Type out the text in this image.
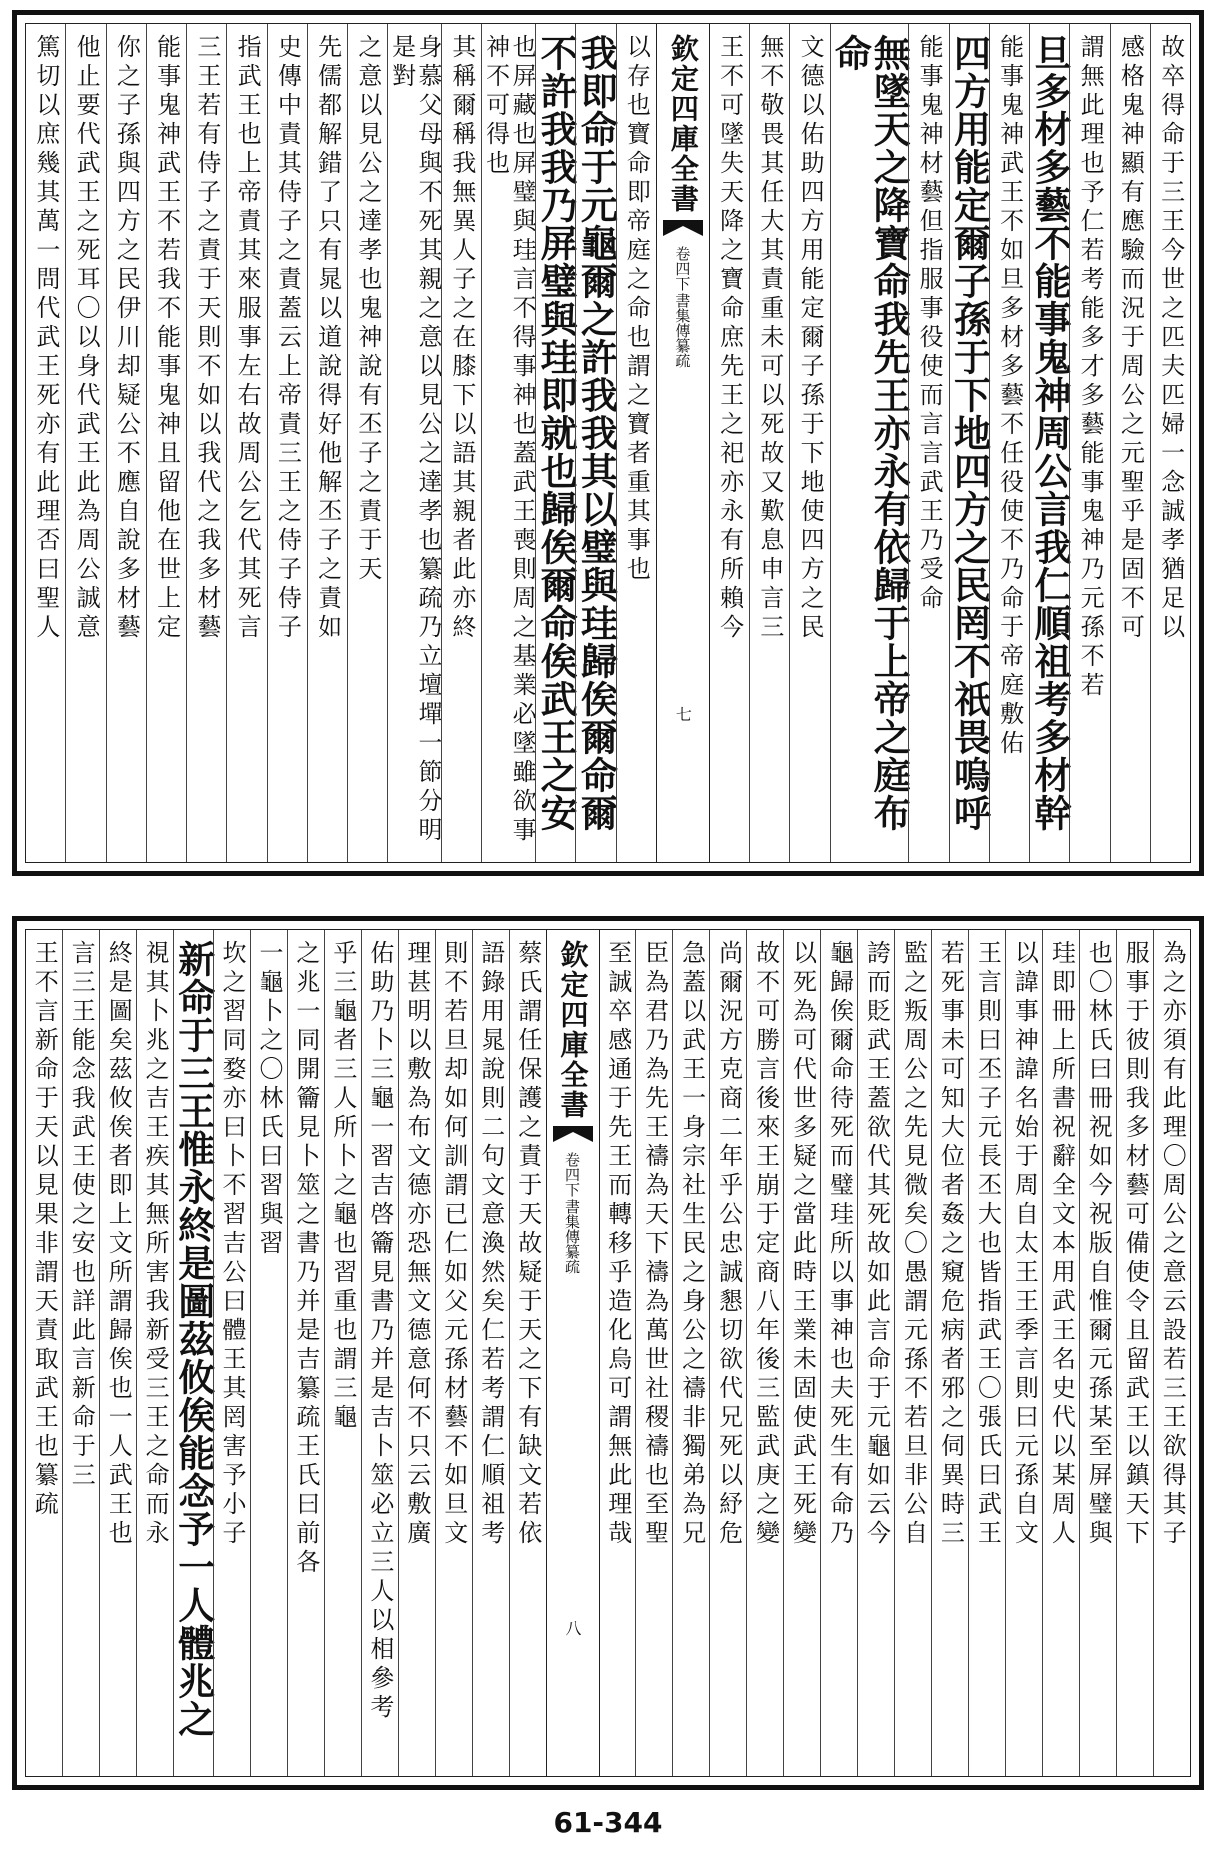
故卒得命于三王今世之匹夫匹婦一念誠孝猶足以
感格鬼神顯有應驗而況于周公之元聖乎是固不可
謂無此理也予仁若考能多才多藝能事鬼神乃元孫不若
旦多材多藝不能事鬼神周公言我仁順祖考多材幹
能事鬼神武王不如旦多材多藝不任役使不乃命于帝庭敷佑
四方用能定爾子孫于下地四方之民罔不祇畏嗚呼
能事鬼神材藝但指服事役使而言言武王乃受命
無墜天之降寶命我先王亦永有依歸于上帝之庭布命
文德以佑助四方用能定爾子孫于下地使四方之民
無不敬畏其任大其責重未可以死故又歎息申言三
王不可墜失天降之寶命庶先王之祀亦永有所賴今
欽定四庫全書
書集傳纂疏
卷四下
七
以存也寶命即帝庭之命也謂之寶者重其事也
我即命于元龜爾之許我我其以璧與珪歸俟爾命爾
不許我我乃屏璧與珪即就也歸俟爾命俟武王之安
也屏藏也屏璧與珪言不得事神也蓋武王喪則周之基業必墜雖欲事神不可得也
其稱爾稱我無異人子之在膝下以語其親者此亦終
身慕父母與不死其親之意以見公之達孝也纂疏乃立壇墠一節分明是對
之意以見公之達孝也鬼神說有丕子之責于天
先儒都解錯了只有晁以道說得好他解丕子之責如
史傳中責其侍子之責蓋云上帝責三王之侍子侍子
指武王也上帝責其來服事左右故周公乞代其死言
三王若有侍子之責于天則不如以我代之我多材藝
能事鬼神武王不若我不能事鬼神且留他在世上定
你之子孫與四方之民伊川却疑公不應自說多材藝
他止要代武王之死耳〇以身代武王此為周公誠意
篤切以庶幾其萬一問代武王死亦有此理否曰聖人
為之亦須有此理〇周公之意云設若三王欲得其子
服事于彼則我多材藝可備使令且留武王以鎮天下
也〇林氏曰冊祝如今祝版自惟爾元孫某至屏璧與
珪即冊上所書祝辭全文本用武王名史代以某周人
以諱事神諱名始于周自太王王季言則曰元孫自文
王言則曰丕子元長丕大也皆指武王〇張氏曰武王
若死事未可知大位者姦之窺危病者邪之伺異時三
監之叛周公之先見微矣〇愚謂元孫不若旦非公自
誇而貶武王蓋欲代其死故如此言命于元龜如云今
龜歸俟爾命待死而璧珪所以事神也夫死生有命乃
以死為可代世多疑之當此時王業未固使武王死變
故不可勝言後來王崩于定商八年後三監武庚之變
尚爾況方克商二年乎公忠誠懇切欲代兄死以紓危
急蓋以武王一身宗社生民之身公之禱非獨弟為兄
臣為君乃為先王禱為天下禱為萬世社稷禱也至聖
至誠卒感通于先王而轉移乎造化烏可謂無此理哉
欽定四庫全書
書集傳纂疏
卷四下
八
蔡氏謂任保護之責于天故疑于天之下有缺文若依
語錄用晁說則二句文意渙然矣仁若考謂仁順祖考
則不若旦却如何訓謂已仁如父元孫材藝不如旦文
理甚明以敷為布文德亦恐無文德意何不只云敷廣
佑助乃卜三龜一習吉啓籥見書乃并是吉卜筮必立三人以相參考
乎三龜者三人所卜之龜也習重也謂三龜
之兆一同開籥見卜筮之書乃并是吉纂疏王氏曰前各
一龜卜之〇林氏曰習與習
坎之習同婺亦曰卜不習吉公曰體王其罔害予小子
新命于三王惟永終是圖茲攸俟能念予一人體兆之
視其卜兆之吉王疾其無所害我新受三王之命而永
終是圖矣茲攸俟者即上文所謂歸俟也一人武王也
言三王能念我武王使之安也詳此言新命于三
王不言新命于天以見果非謂天責取武王也纂疏
61-344
